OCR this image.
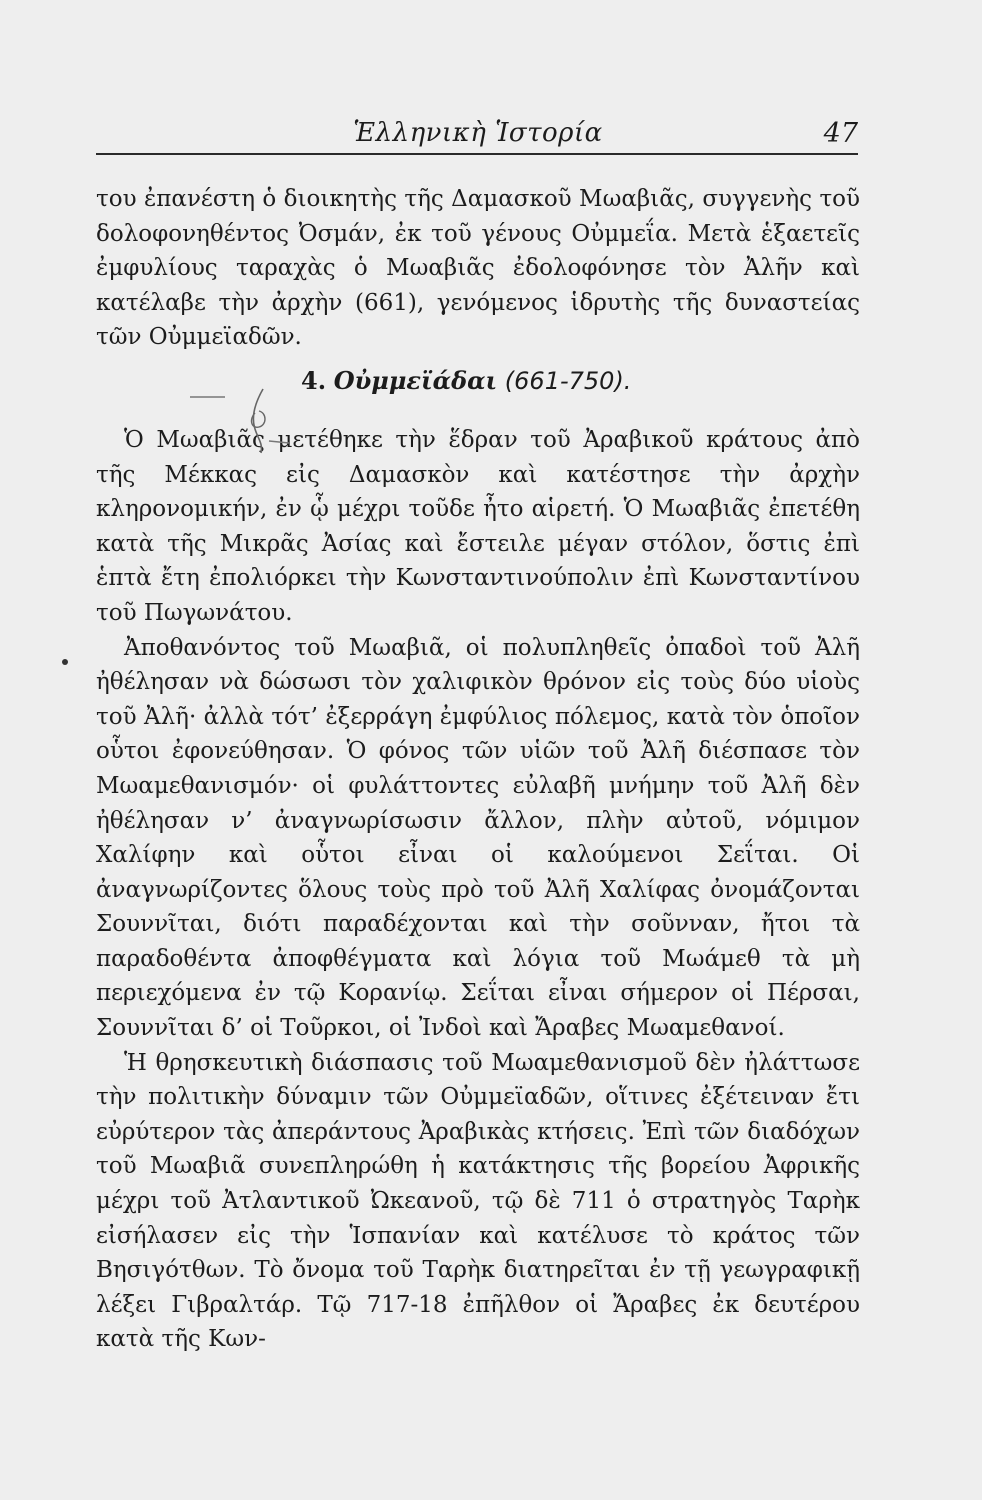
Ἑλληνικὴ Ἱστορία	47

του ἐπανέστη ὁ διοικητὴς τῆς Δαμασκοῦ Μωαβιᾶς, συγγενὴς τοῦ δολοφονηθέντος Ὀσμάν, ἐκ τοῦ γένους Οὐμμεΐα. Μετὰ ἑξαετεῖς ἐμφυλίους ταραχὰς ὁ Μωαβιᾶς ἐδολοφόνησε τὸν Ἀλῆν καὶ κατέλαβε τὴν ἀρχὴν (661), γενόμενος ἱδρυτὴς τῆς δυναστείας τῶν Οὐμμεϊαδῶν.

4. Οὐμμεϊάδαι (661-750).

Ὁ Μωαβιᾶς μετέθηκε τὴν ἕδραν τοῦ Ἀραβικοῦ κράτους ἀπὸ τῆς Μέκκας εἰς Δαμασκὸν καὶ κατέστησε τὴν ἀρχὴν κληρονομικήν, ἐν ᾧ μέχρι τοῦδε ἦτο αἱρετή. Ὁ Μωαβιᾶς ἐπετέθη κατὰ τῆς Μικρᾶς Ἀσίας καὶ ἔστειλε μέγαν στόλον, ὅστις ἐπὶ ἑπτὰ ἔτη ἐπολιόρκει τὴν Κωνσταντινούπολιν ἐπὶ Κωνσταντίνου τοῦ Πωγωνάτου.

Ἀποθανόντος τοῦ Μωαβιᾶ, οἱ πολυπληθεῖς ὀπαδοὶ τοῦ Ἀλῆ ἠθέλησαν νὰ δώσωσι τὸν χαλιφικὸν θρόνον εἰς τοὺς δύο υἱοὺς τοῦ Ἀλῆ· ἀλλὰ τότ’ ἐξερράγη ἐμφύλιος πόλεμος, κατὰ τὸν ὁποῖον οὗτοι ἐφονεύθησαν. Ὁ φόνος τῶν υἱῶν τοῦ Ἀλῆ διέσπασε τὸν Μωαμεθανισμόν· οἱ φυλάττοντες εὐλαβῆ μνήμην τοῦ Ἀλῆ δὲν ἠθέλησαν ν’ ἀναγνωρίσωσιν ἄλλον, πλὴν αὐτοῦ, νόμιμον Χαλίφην καὶ οὗτοι εἶναι οἱ καλούμενοι Σεΐται. Οἱ ἀναγνωρίζοντες ὅλους τοὺς πρὸ τοῦ Ἀλῆ Χαλίφας ὀνομάζονται Σουννῖται, διότι παραδέχονται καὶ τὴν σοῦνναν, ἤτοι τὰ παραδοθέντα ἀποφθέγματα καὶ λόγια τοῦ Μωάμεθ τὰ μὴ περιεχόμενα ἐν τῷ Κορανίῳ. Σεΐται εἶναι σήμερον οἱ Πέρσαι, Σουννῖται δ’ οἱ Τοῦρκοι, οἱ Ἰνδοὶ καὶ Ἄραβες Μωαμεθανοί.

Ἡ θρησκευτικὴ διάσπασις τοῦ Μωαμεθανισμοῦ δὲν ἠλάττωσε τὴν πολιτικὴν δύναμιν τῶν Οὐμμεϊαδῶν, οἵτινες ἐξέτειναν ἔτι εὐρύτερον τὰς ἀπεράντους Ἀραβικὰς κτήσεις. Ἐπὶ τῶν διαδόχων τοῦ Μωαβιᾶ συνεπληρώθη ἡ κατάκτησις τῆς βορείου Ἀφρικῆς μέχρι τοῦ Ἀτλαντικοῦ Ὠκεανοῦ, τῷ δὲ 711 ὁ στρατηγὸς Ταρὴκ εἰσήλασεν εἰς τὴν Ἱσπανίαν καὶ κατέλυσε τὸ κράτος τῶν Βησιγότθων. Τὸ ὄνομα τοῦ Ταρὴκ διατηρεῖται ἐν τῇ γεωγραφικῇ λέξει Γιβραλτάρ. Τῷ 717-18 ἐπῆλθον οἱ Ἄραβες ἐκ δευτέρου κατὰ τῆς Κων-
